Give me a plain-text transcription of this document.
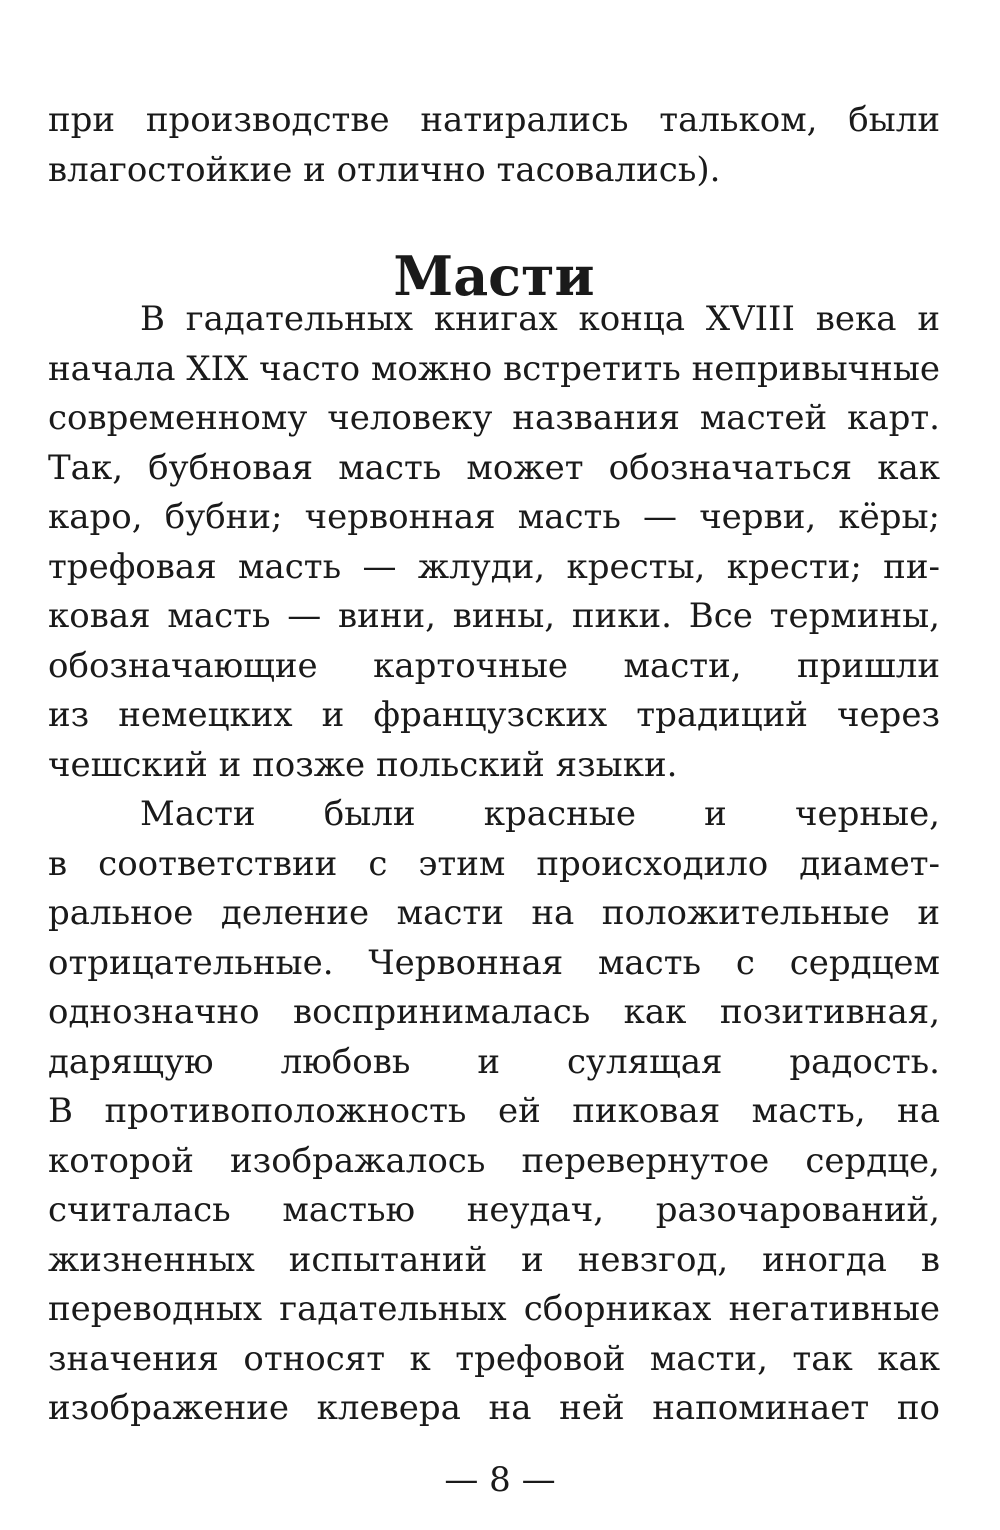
при производстве натирались тальком, были
влагостойкие и отлично тасовались).
Масти
В гадательных книгах конца XVIII века и
начала XIX часто можно встретить непривычные
современному человеку названия мастей карт.
Так, бубновая масть может обозначаться как
каро, бубни; червонная масть — черви, кёры;
трефовая масть — жлуди, кресты, крести; пи-
ковая масть — вини, вины, пики. Все термины,
обозначающие карточные масти, пришли
из немецких и французских традиций через
чешский и позже польский языки.
Масти были красные и черные,
в соответствии с этим происходило диамет-
ральное деление масти на положительные и
отрицательные. Червонная масть с сердцем
однозначно воспринималась как позитивная,
дарящую любовь и сулящая радость.
В противоположность ей пиковая масть, на
которой изображалось перевернутое сердце,
считалась мастью неудач, разочарований,
жизненных испытаний и невзгод, иногда в
переводных гадательных сборниках негативные
значения относят к трефовой масти, так как
изображение клевера на ней напоминает по
— 8 —
